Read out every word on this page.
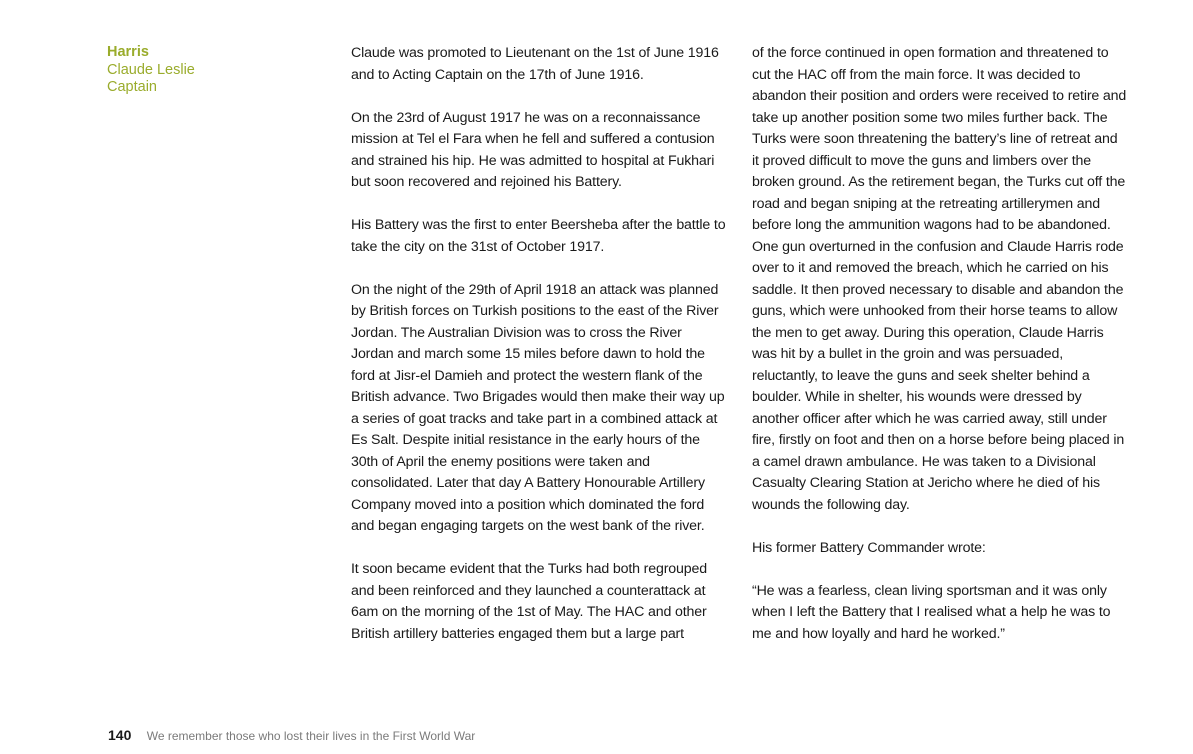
Harris
Claude Leslie
Captain

Claude was promoted to Lieutenant on the 1st of June 1916 and to Acting Captain on the 17th of June 1916.

On the 23rd of August 1917 he was on a reconnaissance mission at Tel el Fara when he fell and suffered a contusion and strained his hip. He was admitted to hospital at Fukhari but soon recovered and rejoined his Battery.

His Battery was the first to enter Beersheba after the battle to take the city on the 31st of October 1917.

On the night of the 29th of April 1918 an attack was planned by British forces on Turkish positions to the east of the River Jordan. The Australian Division was to cross the River Jordan and march some 15 miles before dawn to hold the ford at Jisr-el Damieh and protect the western flank of the British advance. Two Brigades would then make their way up a series of goat tracks and take part in a combined attack at Es Salt. Despite initial resistance in the early hours of the 30th of April the enemy positions were taken and consolidated. Later that day A Battery Honourable Artillery Company moved into a position which dominated the ford and began engaging targets on the west bank of the river.

It soon became evident that the Turks had both regrouped and been reinforced and they launched a counterattack at 6am on the morning of the 1st of May. The HAC and other British artillery batteries engaged them but a large part

of the force continued in open formation and threatened to cut the HAC off from the main force. It was decided to abandon their position and orders were received to retire and take up another position some two miles further back. The Turks were soon threatening the battery’s line of retreat and it proved difficult to move the guns and limbers over the broken ground. As the retirement began, the Turks cut off the road and began sniping at the retreating artillerymen and before long the ammunition wagons had to be abandoned. One gun overturned in the confusion and Claude Harris rode over to it and removed the breach, which he carried on his saddle. It then proved necessary to disable and abandon the guns, which were unhooked from their horse teams to allow the men to get away. During this operation, Claude Harris was hit by a bullet in the groin and was persuaded, reluctantly, to leave the guns and seek shelter behind a boulder. While in shelter, his wounds were dressed by another officer after which he was carried away, still under fire, firstly on foot and then on a horse before being placed in a camel drawn ambulance. He was taken to a Divisional Casualty Clearing Station at Jericho where he died of his wounds the following day.

His former Battery Commander wrote:

“He was a fearless, clean living sportsman and it was only when I left the Battery that I realised what a help he was to me and how loyally and hard he worked.”

140 We remember those who lost their lives in the First World War
